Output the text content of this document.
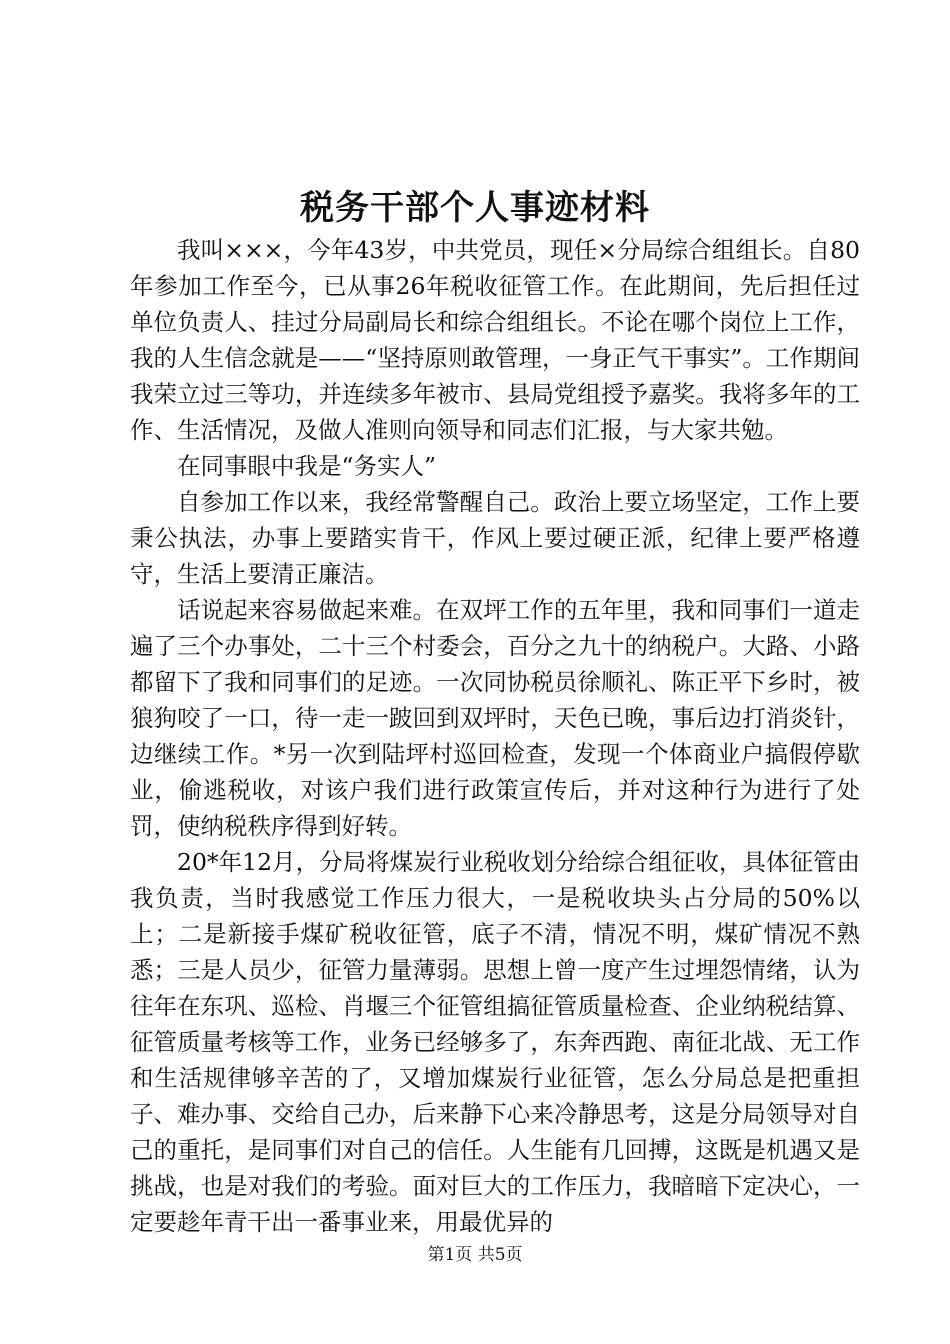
税务干部个人事迹材料

我叫×××，今年43岁，中共党员，现任×分局综合组组长。自80年参加工作至今，已从事26年税收征管工作。在此期间，先后担任过单位负责人、挂过分局副局长和综合组组长。不论在哪个岗位上工作，我的人生信念就是——“坚持原则敢管理，一身正气干事实”。工作期间我荣立过三等功，并连续多年被市、县局党组授予嘉奖。我将多年的工作、生活情况，及做人准则向领导和同志们汇报，与大家共勉。

在同事眼中我是“务实人”

自参加工作以来，我经常警醒自己。政治上要立场坚定，工作上要秉公执法，办事上要踏实肯干，作风上要过硬正派，纪律上要严格遵守，生活上要清正廉洁。

话说起来容易做起来难。在双坪工作的五年里，我和同事们一道走遍了三个办事处，二十三个村委会，百分之九十的纳税户。大路、小路都留下了我和同事们的足迹。一次同协税员徐顺礼、陈正平下乡时，被狼狗咬了一口，待一走一跛回到双坪时，天色已晚，事后边打消炎针，边继续工作。*另一次到陆坪村巡回检查，发现一个体商业户搞假停歇业，偷逃税收，对该户我们进行政策宣传后，并对这种行为进行了处罚，使纳税秩序得到好转。

20*年12月，分局将煤炭行业税收划分给综合组征收，具体征管由我负责，当时我感觉工作压力很大，一是税收块头占分局的50%以上；二是新接手煤矿税收征管，底子不清，情况不明，煤矿情况不熟悉；三是人员少，征管力量薄弱。思想上曾一度产生过埋怨情绪，认为往年在东巩、巡检、肖堰三个征管组搞征管质量检查、企业纳税结算、征管质量考核等工作，业务已经够多了，东奔西跑、南征北战、无工作和生活规律够辛苦的了，又增加煤炭行业征管，怎么分局总是把重担子、难办事、交给自己办，后来静下心来冷静思考，这是分局领导对自己的重托，是同事们对自己的信任。人生能有几回搏，这既是机遇又是挑战，也是对我们的考验。面对巨大的工作压力，我暗暗下定决心，一定要趁年青干出一番事业来，用最优异的

第1页 共5页
